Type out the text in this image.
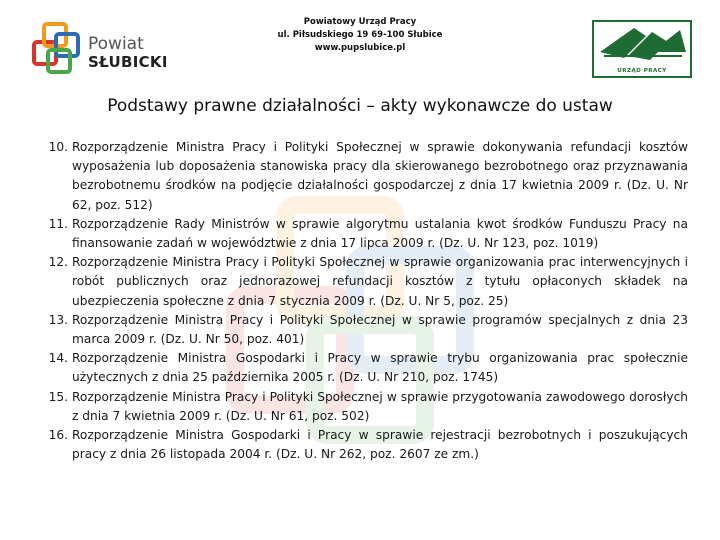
Powiat
SŁUBICKI
Powiatowy Urząd Pracy
ul. Piłsudskiego 19 69-100 Słubice
www.pupslubice.pl
URZĄD PRACY
Podstawy prawne działalności – akty wykonawcze do ustaw
10. Rozporządzenie Ministra Pracy i Polityki Społecznej w sprawie dokonywania refundacji kosztów wyposażenia lub doposażenia stanowiska pracy dla skierowanego bezrobotnego oraz przyznawania bezrobotnemu środków na podjęcie działalności gospodarczej z dnia 17 kwietnia 2009 r. (Dz. U. Nr 62, poz. 512)
11. Rozporządzenie Rady Ministrów w sprawie algorytmu ustalania kwot środków Funduszu Pracy na finansowanie zadań w województwie z dnia 17 lipca 2009 r. (Dz. U. Nr 123, poz. 1019)
12. Rozporządzenie Ministra Pracy i Polityki Społecznej w sprawie organizowania prac interwencyjnych i robót publicznych oraz jednorazowej refundacji kosztów z tytułu opłaconych składek na ubezpieczenia społeczne z dnia 7 stycznia 2009 r. (Dz. U. Nr 5, poz. 25)
13. Rozporządzenie Ministra Pracy i Polityki Społecznej w sprawie programów specjalnych z dnia 23 marca 2009 r. (Dz. U. Nr 50, poz. 401)
14. Rozporządzenie Ministra Gospodarki i Pracy w sprawie trybu organizowania prac społecznie użytecznych z dnia 25 października 2005 r. (Dz. U. Nr 210, poz. 1745)
15. Rozporządzenie Ministra Pracy i Polityki Społecznej w sprawie przygotowania zawodowego dorosłych z dnia 7 kwietnia 2009 r. (Dz. U. Nr 61, poz. 502)
16. Rozporządzenie Ministra Gospodarki i Pracy w sprawie rejestracji bezrobotnych i poszukujących pracy z dnia 26 listopada 2004 r. (Dz. U. Nr 262, poz. 2607 ze zm.)
